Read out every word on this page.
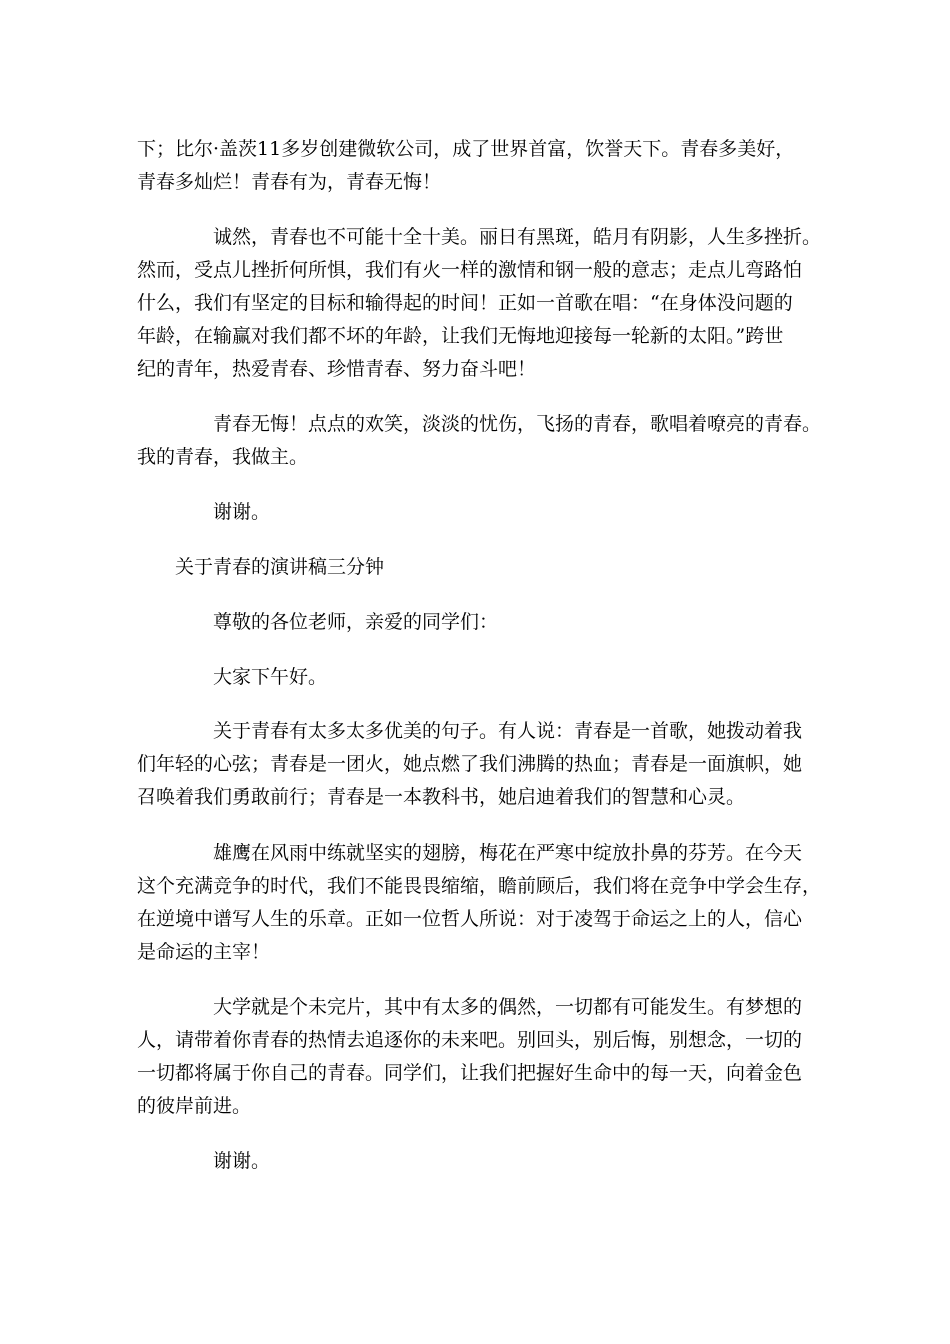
下；比尔·盖茨11多岁创建微软公司，成了世界首富，饮誉天下。青春多美好，
青春多灿烂！青春有为，青春无悔！
诚然，青春也不可能十全十美。丽日有黑斑，皓月有阴影，人生多挫折。
然而，受点儿挫折何所惧，我们有火一样的激情和钢一般的意志；走点儿弯路怕
什么，我们有坚定的目标和输得起的时间！正如一首歌在唱：“在身体没问题的
年龄，在输赢对我们都不坏的年龄，让我们无悔地迎接每一轮新的太阳。”跨世
纪的青年，热爱青春、珍惜青春、努力奋斗吧！
青春无悔！点点的欢笑，淡淡的忧伤，飞扬的青春，歌唱着嘹亮的青春。
我的青春，我做主。
谢谢。
关于青春的演讲稿三分钟
尊敬的各位老师，亲爱的同学们：
大家下午好。
关于青春有太多太多优美的句子。有人说：青春是一首歌，她拨动着我
们年轻的心弦；青春是一团火，她点燃了我们沸腾的热血；青春是一面旗帜，她
召唤着我们勇敢前行；青春是一本教科书，她启迪着我们的智慧和心灵。
雄鹰在风雨中练就坚实的翅膀，梅花在严寒中绽放扑鼻的芬芳。在今天
这个充满竞争的时代，我们不能畏畏缩缩，瞻前顾后，我们将在竞争中学会生存，
在逆境中谱写人生的乐章。正如一位哲人所说：对于凌驾于命运之上的人，信心
是命运的主宰！
大学就是个未完片，其中有太多的偶然，一切都有可能发生。有梦想的
人，请带着你青春的热情去追逐你的未来吧。别回头，别后悔，别想念，一切的
一切都将属于你自己的青春。同学们，让我们把握好生命中的每一天，向着金色
的彼岸前进。
谢谢。
